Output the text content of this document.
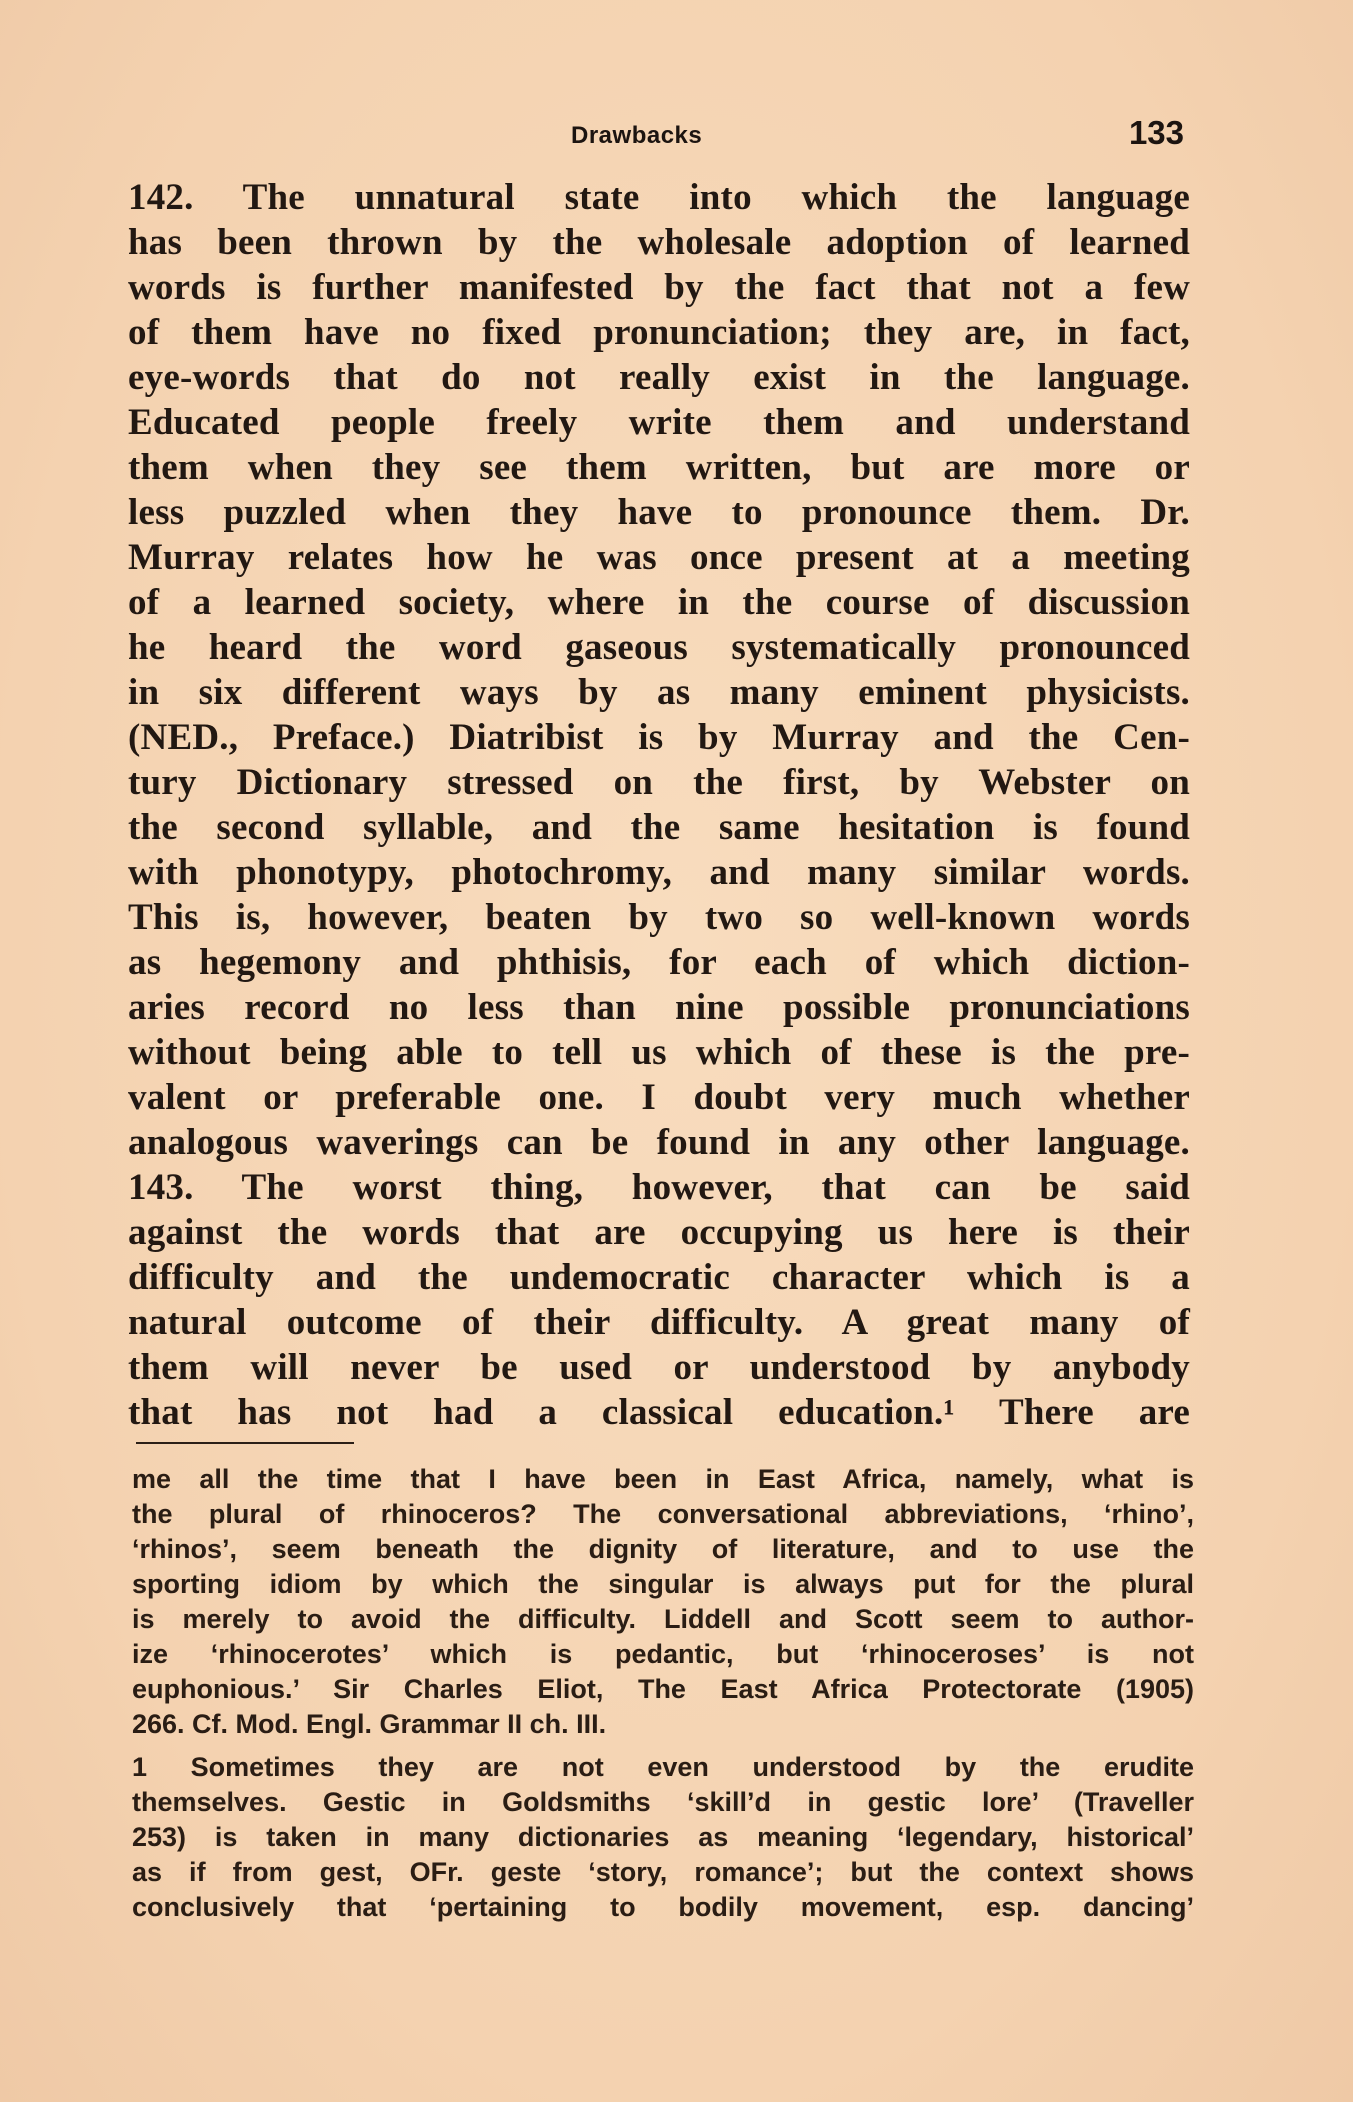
Drawbacks	133
142. The unnatural state into which the language
has been thrown by the wholesale adoption of learned
words is further manifested by the fact that not a few
of them have no fixed pronunciation; they are, in fact,
eye-words that do not really exist in the language.
Educated people freely write them and understand
them when they see them written, but are more or
less puzzled when they have to pronounce them. Dr.
Murray relates how he was once present at a meeting
of a learned society, where in the course of discussion
he heard the word gaseous systematically pronounced
in six different ways by as many eminent physicists.
(NED., Preface.) Diatribist is by Murray and the Cen-
tury Dictionary stressed on the first, by Webster on
the second syllable, and the same hesitation is found
with phonotypy, photochromy, and many similar words.
This is, however, beaten by two so well-known words
as hegemony and phthisis, for each of which diction-
aries record no less than nine possible pronunciations
without being able to tell us which of these is the pre-
valent or preferable one. I doubt very much whether
analogous waverings can be found in any other language.
143. The worst thing, however, that can be said
against the words that are occupying us here is their
difficulty and the undemocratic character which is a
natural outcome of their difficulty. A great many of
them will never be used or understood by anybody
that has not had a classical education.¹ There are
me all the time that I have been in East Africa, namely, what is
the plural of rhinoceros? The conversational abbreviations, ‘rhino’,
‘rhinos’, seem beneath the dignity of literature, and to use the
sporting idiom by which the singular is always put for the plural
is merely to avoid the difficulty. Liddell and Scott seem to author-
ize ‘rhinocerotes’ which is pedantic, but ‘rhinoceroses’ is not
euphonious.’ Sir Charles Eliot, The East Africa Protectorate (1905)
266. Cf. Mod. Engl. Grammar II ch. III.
1 Sometimes they are not even understood by the erudite
themselves. Gestic in Goldsmiths ‘skill’d in gestic lore’ (Traveller
253) is taken in many dictionaries as meaning ‘legendary, historical’
as if from gest, OFr. geste ‘story, romance’; but the context shows
conclusively that ‘pertaining to bodily movement, esp. dancing’
